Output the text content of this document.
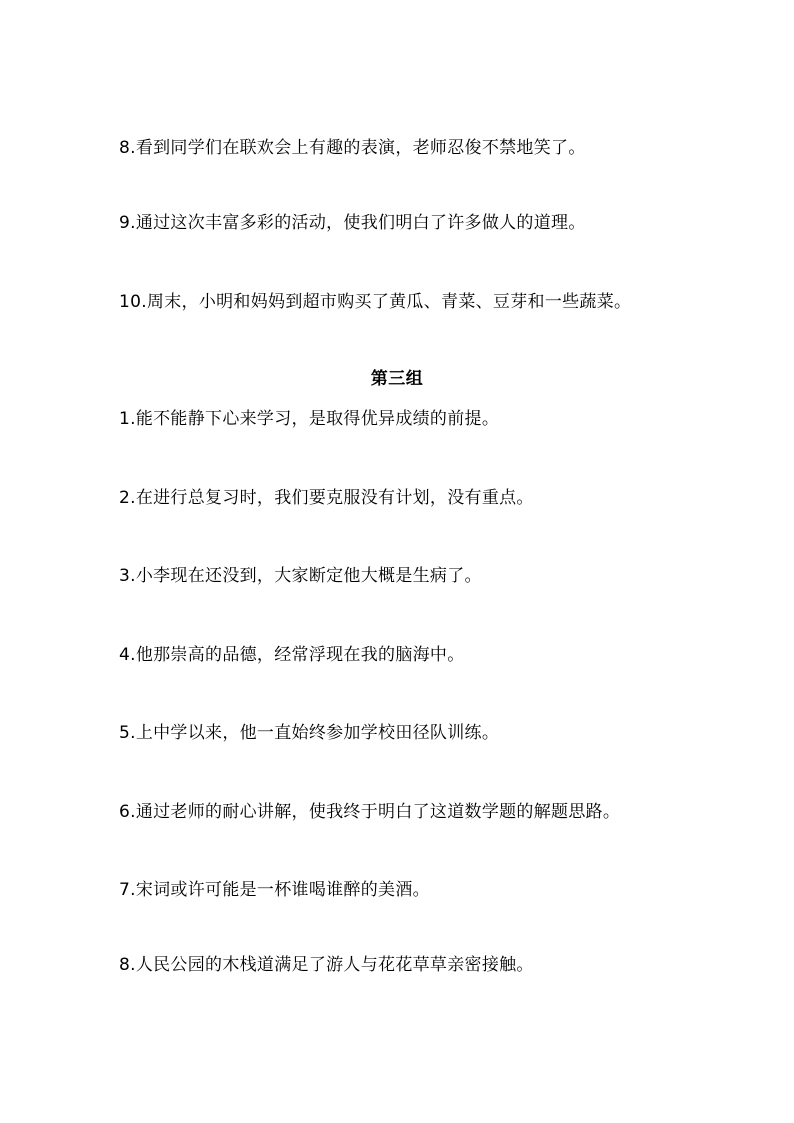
8.看到同学们在联欢会上有趣的表演，老师忍俊不禁地笑了。
9.通过这次丰富多彩的活动，使我们明白了许多做人的道理。
10.周末，小明和妈妈到超市购买了黄瓜、青菜、豆芽和一些蔬菜。
第三组
1.能不能静下心来学习，是取得优异成绩的前提。
2.在进行总复习时，我们要克服没有计划，没有重点。
3.小李现在还没到，大家断定他大概是生病了。
4.他那崇高的品德，经常浮现在我的脑海中。
5.上中学以来，他一直始终参加学校田径队训练。
6.通过老师的耐心讲解，使我终于明白了这道数学题的解题思路。
7.宋词或许可能是一杯谁喝谁醉的美酒。
8.人民公园的木栈道满足了游人与花花草草亲密接触。
